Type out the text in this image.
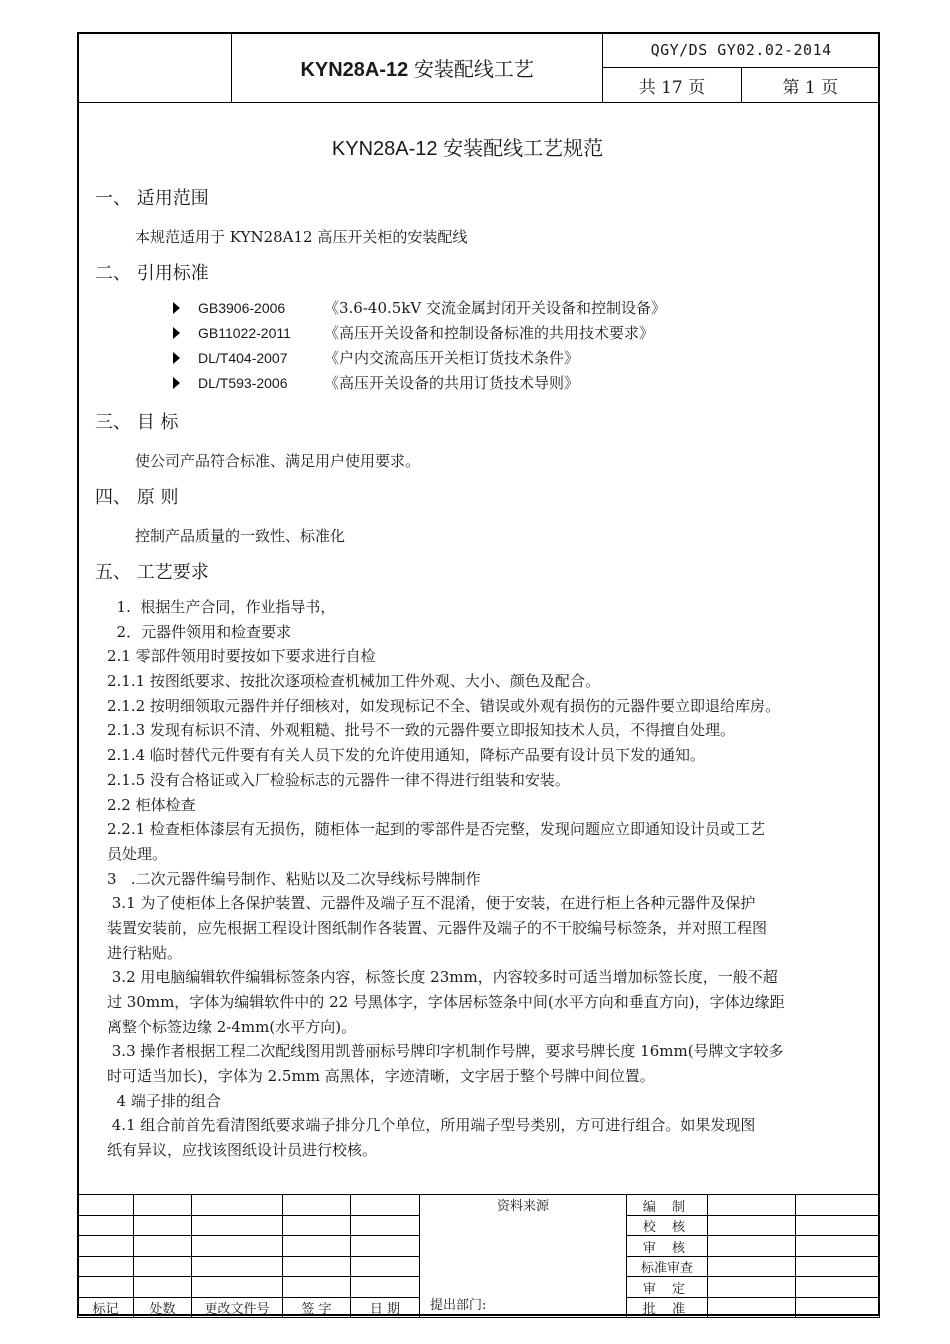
	KYN28A-12 安装配线工艺	QGY/DS GY02.02-2014	
		共 17 页	第 1 页
KYN28A-12 安装配线工艺规范
一、 适用范围
本规范适用于 KYN28A12 高压开关柜的安装配线
二、 引用标准
GB3906-2006	《3.6-40.5kV 交流金属封闭开关设备和控制设备》
GB11022-2011 《高压开关设备和控制设备标准的共用技术要求》
DL/T404-2007 《户内交流高压开关柜订货技术条件》
DL/T593-2006 《高压开关设备的共用订货技术导则》
三、 目 标
使公司产品符合标准、满足用户使用要求。
四、 原 则
控制产品质量的一致性、标准化
五、 工艺要求
1.  根据生产合同，作业指导书，
2．元器件领用和检查要求
2.1 零部件领用时要按如下要求进行自检
2.1.1 按图纸要求、按批次逐项检查机械加工件外观、大小、颜色及配合。
2.1.2 按明细领取元器件并仔细核对，如发现标记不全、错误或外观有损伤的元器件要立即退给库房。
2.1.3 发现有标识不清、外观粗糙、批号不一致的元器件要立即报知技术人员，不得擅自处理。
2.1.4 临时替代元件要有有关人员下发的允许使用通知，降标产品要有设计员下发的通知。
2.1.5 没有合格证或入厂检验标志的元器件一律不得进行组装和安装。
2.2 柜体检查
2.2.1 检查柜体漆层有无损伤，随柜体一起到的零部件是否完整，发现问题应立即通知设计员或工艺
员处理。
3   .二次元器件编号制作、粘贴以及二次导线标号牌制作
3.1 为了使柜体上各保护装置、元器件及端子互不混淆，便于安装，在进行柜上各种元器件及保护
装置安装前，应先根据工程设计图纸制作各装置、元器件及端子的不干胶编号标签条，并对照工程图
进行粘贴。
3.2 用电脑编辑软件编辑标签条内容，标签长度 23mm，内容较多时可适当增加标签长度，一般不超
过 30mm，字体为编辑软件中的 22 号黑体字，字体居标签条中间(水平方向和垂直方向)，字体边缘距
离整个标签边缘 2-4mm(水平方向)。
3.3 操作者根据工程二次配线图用凯普丽标号牌印字机制作号牌，要求号牌长度 16mm(号牌文字较多
时可适当加长)，字体为 2.5mm 高黑体，字迹清晰，文字居于整个号牌中间位置。
4 端子排的组合
4.1 组合前首先看清图纸要求端子排分几个单位，所用端子型号类别，方可进行组合。如果发现图
纸有异议，应找该图纸设计员进行校核。

					资料来源
提出部门:	编 制		
						校 核		
						审 核		
						标准审查		
						审 定		
标记	处数	更改文件号	签 字	日 期		批 准		
